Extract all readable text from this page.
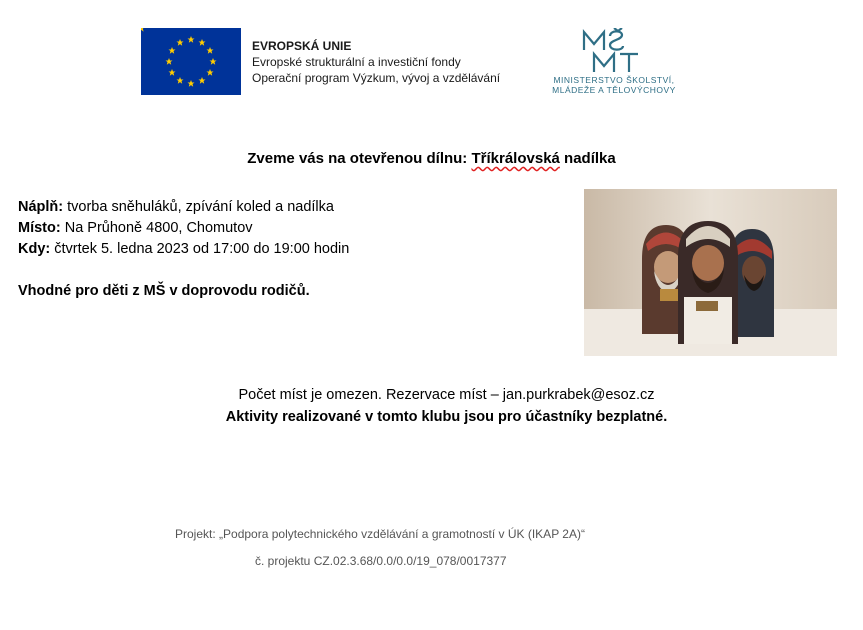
EVROPSKÁ UNIE
Evropské strukturální a investiční fondy
Operační program Výzkum, vývoj a vzdělávání	MINISTERSTVO ŠKOLSTVÍ,
MLÁDEŽE A TĚLOVÝCHOVY
Zveme vás na otevřenou dílnu: Tříkrálovská nadílka
Náplň: tvorba sněhuláků, zpívání koled a nadílka
Místo: Na Průhoně 4800, Chomutov
Kdy: čtvrtek 5. ledna 2023 od 17:00 do 19:00 hodin
Vhodné pro děti z MŠ v doprovodu rodičů.
Počet míst je omezen. Rezervace míst – jan.purkrabek@esoz.cz
Aktivity realizované v tomto klubu jsou pro účastníky bezplatné.
Projekt: „Podpora polytechnického vzdělávání a gramotností v ÚK (IKAP 2A)“
č. projektu CZ.02.3.68/0.0/0.0/19_078/0017377
